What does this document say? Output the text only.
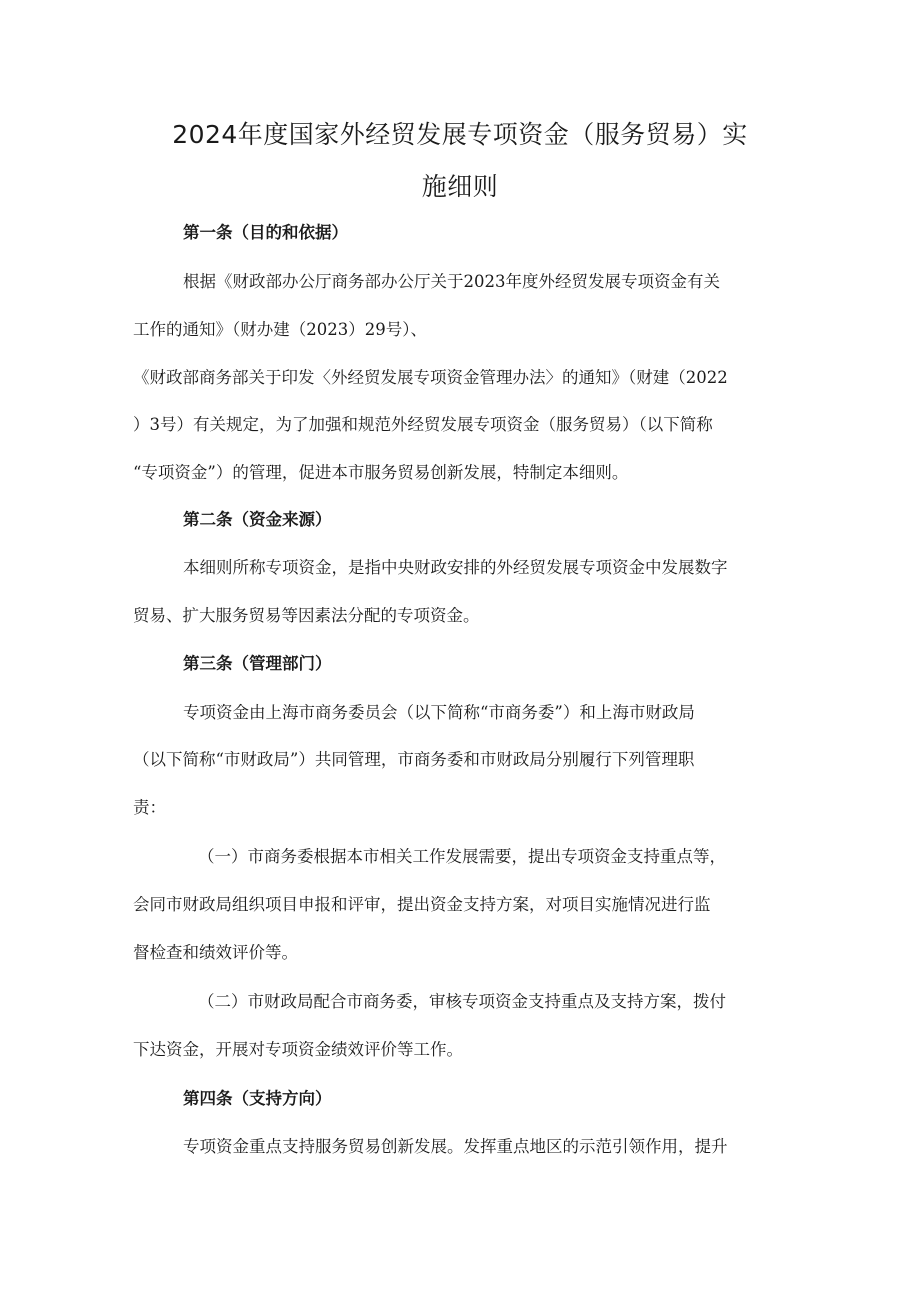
2024年度国家外经贸发展专项资金（服务贸易）实
施细则
第一条（目的和依据）
根据《财政部办公厅商务部办公厅关于2023年度外经贸发展专项资金有关
工作的通知》（财办建（2023）29号）、
《财政部商务部关于印发〈外经贸发展专项资金管理办法〉的通知》（财建（2022
）3号）有关规定，为了加强和规范外经贸发展专项资金（服务贸易）（以下简称
“专项资金”）的管理，促进本市服务贸易创新发展，特制定本细则。
第二条（资金来源）
本细则所称专项资金，是指中央财政安排的外经贸发展专项资金中发展数字
贸易、扩大服务贸易等因素法分配的专项资金。
第三条（管理部门）
专项资金由上海市商务委员会（以下简称“市商务委”）和上海市财政局
（以下简称“市财政局”）共同管理，市商务委和市财政局分别履行下列管理职
责：
（一）市商务委根据本市相关工作发展需要，提出专项资金支持重点等，
会同市财政局组织项目申报和评审，提出资金支持方案，对项目实施情况进行监
督检查和绩效评价等。
（二）市财政局配合市商务委，审核专项资金支持重点及支持方案，拨付
下达资金，开展对专项资金绩效评价等工作。
第四条（支持方向）
专项资金重点支持服务贸易创新发展。发挥重点地区的示范引领作用，提升
